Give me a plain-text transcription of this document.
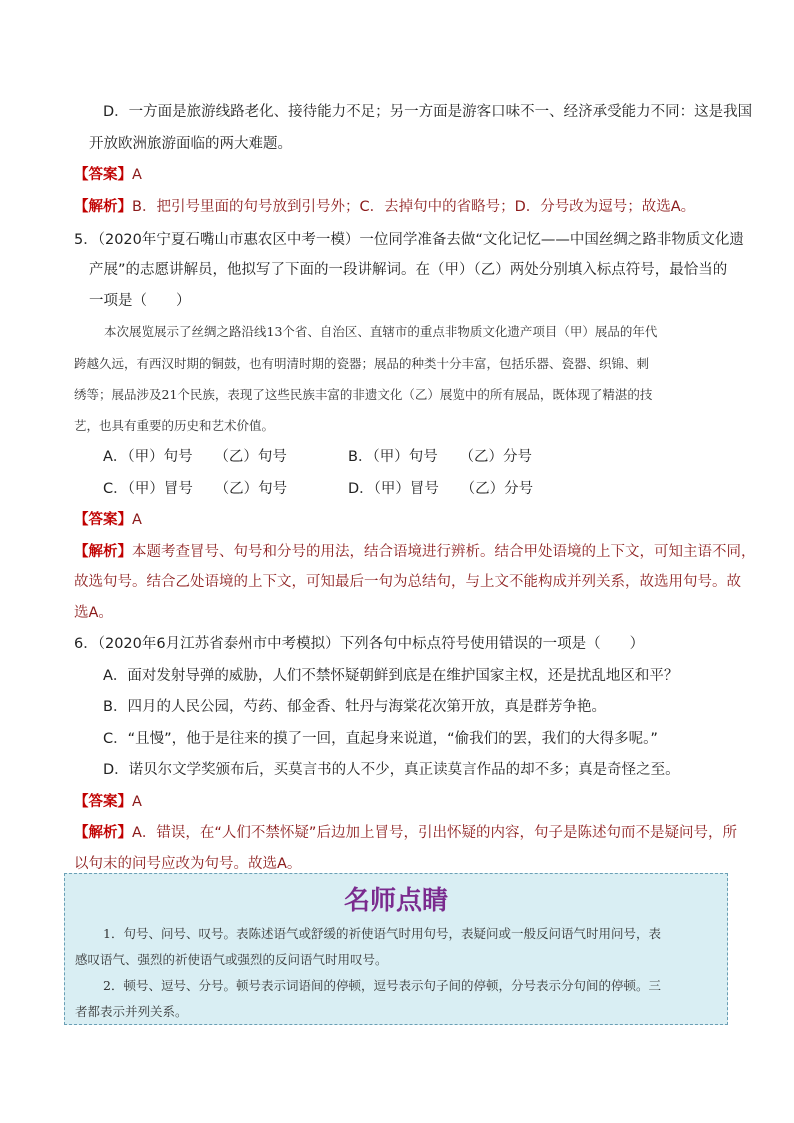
D．一方面是旅游线路老化、接待能力不足；另一方面是游客口味不一、经济承受能力不同：这是我国
开放欧洲旅游面临的两大难题。
【答案】A
【解析】B．把引号里面的句号放到引号外；C．去掉句中的省略号；D．分号改为逗号；故选A。
5．（2020年宁夏石嘴山市惠农区中考一模）一位同学准备去做“文化记忆——中国丝绸之路非物质文化遗
产展”的志愿讲解员，他拟写了下面的一段讲解词。在（甲）（乙）两处分别填入标点符号，最恰当的
一项是（　　）
本次展览展示了丝绸之路沿线13个省、自治区、直辖市的重点非物质文化遗产项目（甲）展品的年代
跨越久远，有西汉时期的铜鼓，也有明清时期的瓷器；展品的种类十分丰富，包括乐器、瓷器、织锦、刺
绣等；展品涉及21个民族，表现了这些民族丰富的非遗文化（乙）展览中的所有展品，既体现了精湛的技
艺，也具有重要的历史和艺术价值。
A．（甲）句号　　（乙）句号	B．（甲）句号　　（乙）分号
C．（甲）冒号　　（乙）句号	D．（甲）冒号　　（乙）分号
【答案】A
【解析】本题考查冒号、句号和分号的用法，结合语境进行辨析。结合甲处语境的上下文，可知主语不同，
故选句号。结合乙处语境的上下文，可知最后一句为总结句，与上文不能构成并列关系，故选用句号。故
选A。
6．（2020年6月江苏省泰州市中考模拟）下列各句中标点符号使用错误的一项是（　　）
A．面对发射导弹的威胁，人们不禁怀疑朝鲜到底是在维护国家主权，还是扰乱地区和平？
B．四月的人民公园，芍药、郁金香、牡丹与海棠花次第开放，真是群芳争艳。
C．“且慢”，他于是往来的摸了一回，直起身来说道，“偷我们的罢，我们的大得多呢。”
D．诺贝尔文学奖颁布后，买莫言书的人不少，真正读莫言作品的却不多；真是奇怪之至。
【答案】A
【解析】A．错误，在“人们不禁怀疑”后边加上冒号，引出怀疑的内容，句子是陈述句而不是疑问号，所
以句末的问号应改为句号。故选A。
名师点睛
1．句号、问号、叹号。表陈述语气或舒缓的祈使语气时用句号，表疑问或一般反问语气时用问号，表
感叹语气、强烈的祈使语气或强烈的反问语气时用叹号。
2．顿号、逗号、分号。顿号表示词语间的停顿，逗号表示句子间的停顿，分号表示分句间的停顿。三
者都表示并列关系。
